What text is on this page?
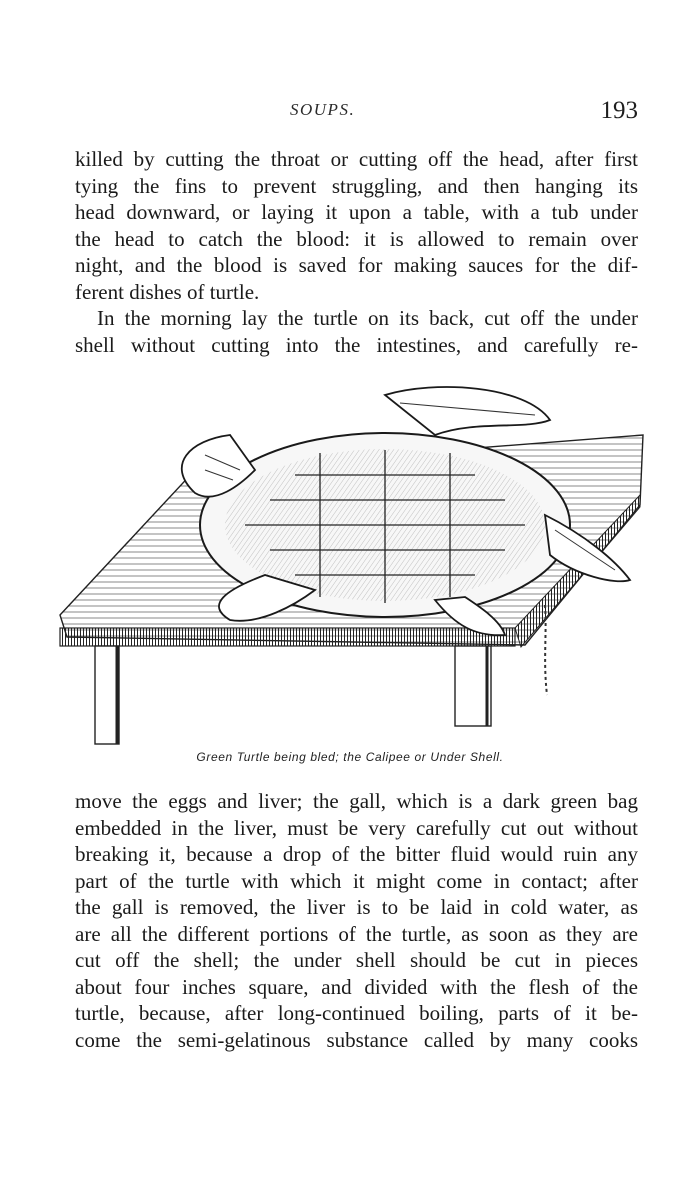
SOUPS.	193
killed by cutting the throat or cutting off the head, after first
tying the fins to prevent struggling, and then hanging its
head downward, or laying it upon a table, with a tub under
the head to catch the blood: it is allowed to remain over
night, and the blood is saved for making sauces for the dif-
ferent dishes of turtle.
In the morning lay the turtle on its back, cut off the under
shell without cutting into the intestines, and carefully re-
Green Turtle being bled; the Calipee or Under Shell.
move the eggs and liver; the gall, which is a dark green bag
embedded in the liver, must be very carefully cut out without
breaking it, because a drop of the bitter fluid would ruin any
part of the turtle with which it might come in contact; after
the gall is removed, the liver is to be laid in cold water, as
are all the different portions of the turtle, as soon as they are
cut off the shell; the under shell should be cut in pieces
about four inches square, and divided with the flesh of the
turtle, because, after long-continued boiling, parts of it be-
come the semi-gelatinous substance called by many cooks
